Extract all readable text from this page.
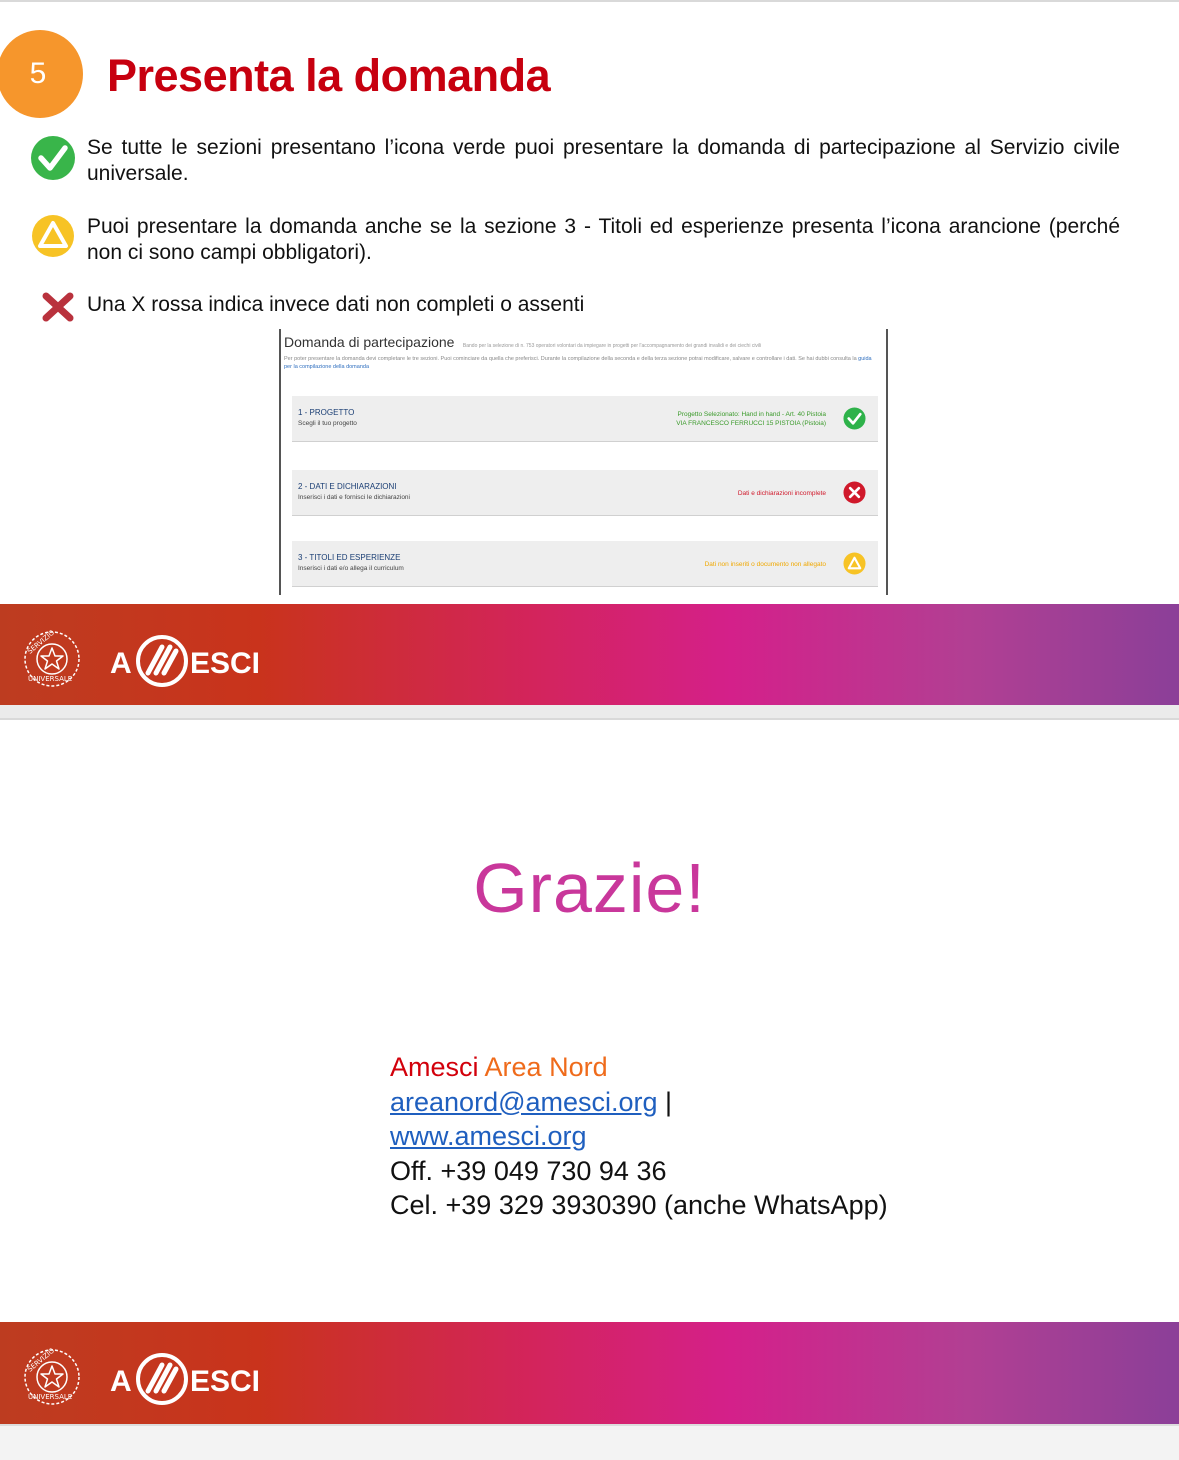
5	Presenta la domanda
Se tutte le sezioni presentano l’icona verde puoi presentare la domanda di partecipazione al Servizio civile universale.
Puoi presentare la domanda anche se la sezione 3 - Titoli ed esperienze presenta l’icona arancione (perché non ci sono campi obbligatori).
Una X rossa indica invece dati non completi o assenti
Domanda di partecipazione Bando per la selezione di n. 753 operatori volontari da impiegare in progetti per l'accompagnamento dei grandi invalidi e dei ciechi civili
Per poter presentare la domanda devi completare le tre sezioni. Puoi cominciare da quella che preferisci. Durante la compilazione della seconda e della terza sezione potrai modificare, salvare e controllare i dati. Se hai dubbi consulta la guida per la compilazione della domanda
1 - PROGETTO
Scegli il tuo progetto
Progetto Selezionato: Hand in hand - Art. 40 Pistoia
VIA FRANCESCO FERRUCCI 15 PISTOIA (Pistoia)
2 - DATI E DICHIARAZIONI
Inserisci i dati e fornisci le dichiarazioni
Dati e dichiarazioni incomplete
3 - TITOLI ED ESPERIENZE
Inserisci i dati e/o allega il curriculum
Dati non inseriti o documento non allegato
SERVIZIO
UNIVERSALE A ESCI
Grazie!
Amesci Area Nord
areanord@amesci.org |
www.amesci.org
Off. +39 049 730 94 36
Cel. +39 329 3930390 (anche WhatsApp)
SERVIZIO
UNIVERSALE A ESCI
